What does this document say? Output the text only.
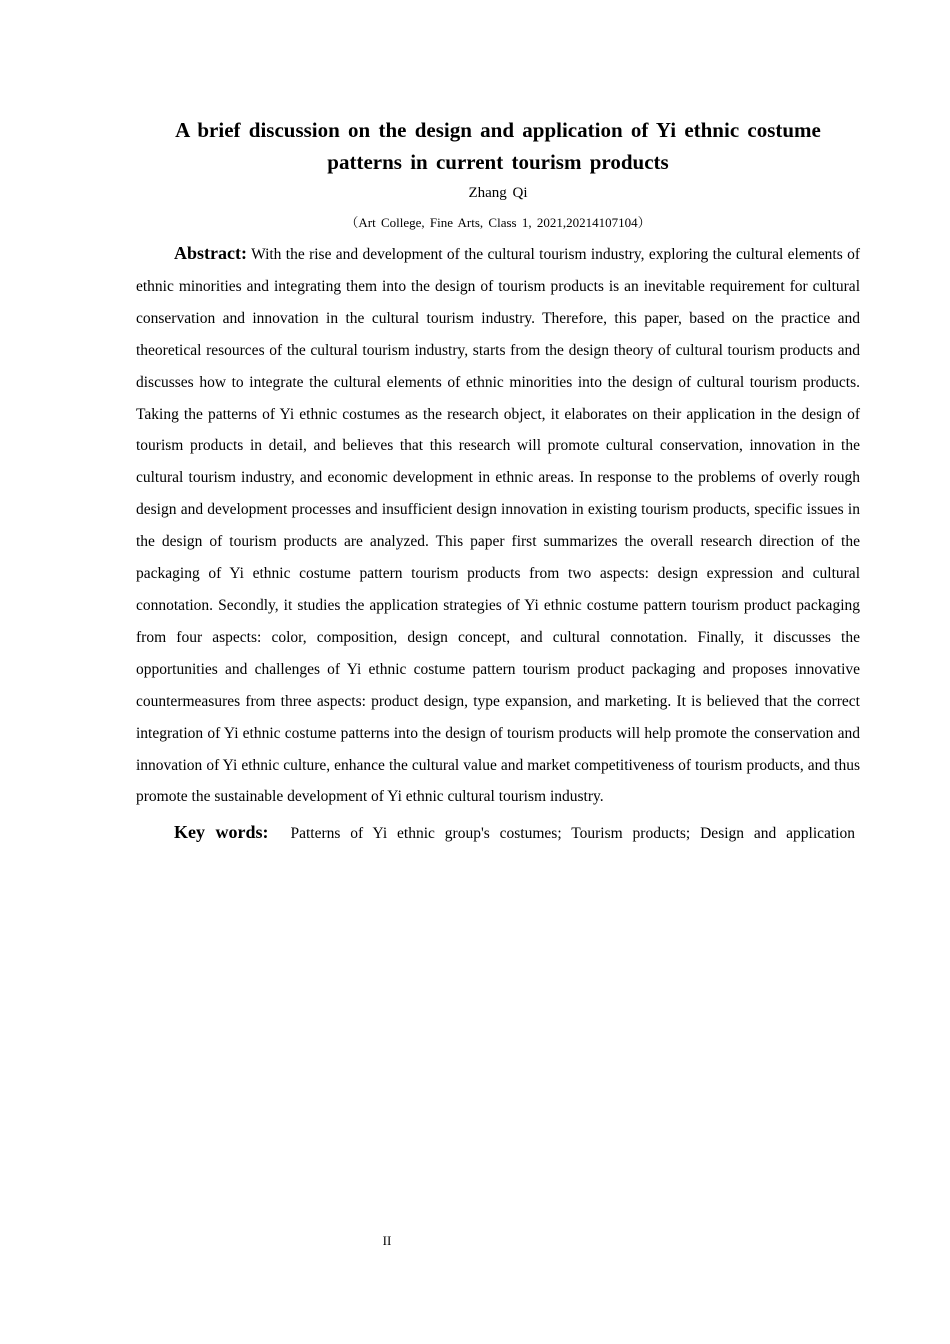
A brief discussion on the design and application of Yi ethnic costume
patterns in current tourism products
Zhang Qi
（Art College, Fine Arts, Class 1, 2021,20214107104）

Abstract: With the rise and development of the cultural tourism industry, exploring the cultural elements of ethnic minorities and integrating them into the design of tourism products is an inevitable requirement for cultural conservation and innovation in the cultural tourism industry. Therefore, this paper, based on the practice and theoretical resources of the cultural tourism industry, starts from the design theory of cultural tourism products and discusses how to integrate the cultural elements of ethnic minorities into the design of cultural tourism products. Taking the patterns of Yi ethnic costumes as the research object, it elaborates on their application in the design of tourism products in detail, and believes that this research will promote cultural conservation, innovation in the cultural tourism industry, and economic development in ethnic areas. In response to the problems of overly rough design and development processes and insufficient design innovation in existing tourism products, specific issues in the design of tourism products are analyzed. This paper first summarizes the overall research direction of the packaging of Yi ethnic costume pattern tourism products from two aspects: design expression and cultural connotation. Secondly, it studies the application strategies of Yi ethnic costume pattern tourism product packaging from four aspects: color, composition, design concept, and cultural connotation. Finally, it discusses the opportunities and challenges of Yi ethnic costume pattern tourism product packaging and proposes innovative countermeasures from three aspects: product design, type expansion, and marketing. It is believed that the correct integration of Yi ethnic costume patterns into the design of tourism products will help promote the conservation and innovation of Yi ethnic culture, enhance the cultural value and market competitiveness of tourism products, and thus promote the sustainable development of Yi ethnic cultural tourism industry.

Key words: Patterns of Yi ethnic group's costumes; Tourism products; Design and application

II
